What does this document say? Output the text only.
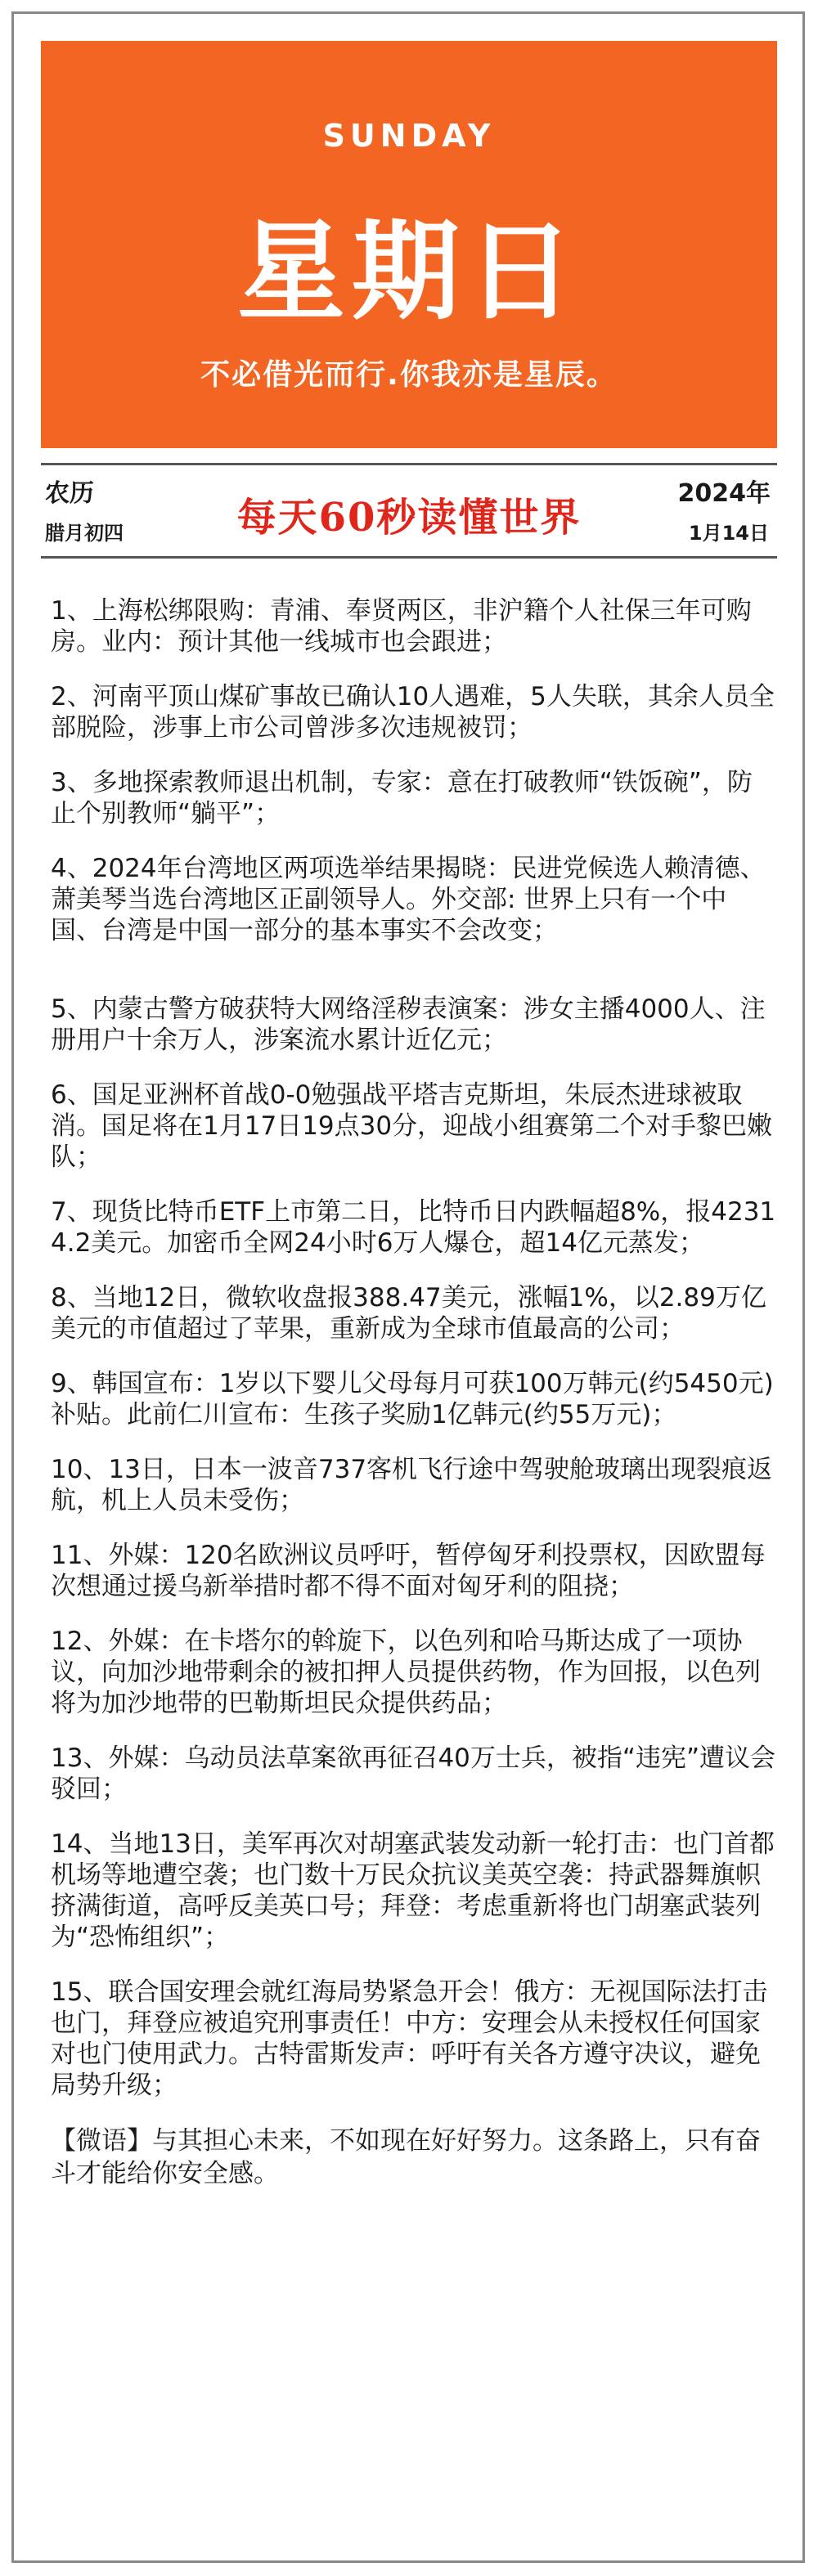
SUNDAY
星期日
不必借光而行.你我亦是星辰。
农历
腊月初四	每天60秒读懂世界
2024年
1月14日

1、上海松绑限购：青浦、奉贤两区，非沪籍个人社保三年可购房。业内：预计其他一线城市也会跟进；

2、河南平顶山煤矿事故已确认10人遇难，5人失联，其余人员全部脱险，涉事上市公司曾涉多次违规被罚；

3、多地探索教师退出机制，专家：意在打破教师“铁饭碗”，防止个别教师“躺平”；

4、2024年台湾地区两项选举结果揭晓：民进党候选人赖清德、萧美琴当选台湾地区正副领导人。外交部: 世界上只有一个中国、台湾是中国一部分的基本事实不会改变；

5、内蒙古警方破获特大网络淫秽表演案：涉女主播4000人、注册用户十余万人，涉案流水累计近亿元；

6、国足亚洲杯首战0-0勉强战平塔吉克斯坦，朱辰杰进球被取消。国足将在1月17日19点30分，迎战小组赛第二个对手黎巴嫩队；

7、现货比特币ETF上市第二日，比特币日内跌幅超8%，报42314.2美元。加密币全网24小时6万人爆仓，超14亿元蒸发；

8、当地12日，微软收盘报388.47美元，涨幅1%，以2.89万亿美元的市值超过了苹果，重新成为全球市值最高的公司；

9、韩国宣布：1岁以下婴儿父母每月可获100万韩元(约5450元)补贴。此前仁川宣布：生孩子奖励1亿韩元(约55万元)；

10、13日，日本一波音737客机飞行途中驾驶舱玻璃出现裂痕返航，机上人员未受伤；

11、外媒：120名欧洲议员呼吁，暂停匈牙利投票权，因欧盟每次想通过援乌新举措时都不得不面对匈牙利的阻挠；

12、外媒：在卡塔尔的斡旋下，以色列和哈马斯达成了一项协议，向加沙地带剩余的被扣押人员提供药物，作为回报，以色列将为加沙地带的巴勒斯坦民众提供药品；

13、外媒：乌动员法草案欲再征召40万士兵，被指“违宪”遭议会驳回；

14、当地13日，美军再次对胡塞武装发动新一轮打击：也门首都机场等地遭空袭；也门数十万民众抗议美英空袭：持武器舞旗帜挤满街道，高呼反美英口号；拜登：考虑重新将也门胡塞武装列为“恐怖组织”；

15、联合国安理会就红海局势紧急开会！俄方：无视国际法打击也门，拜登应被追究刑事责任！中方：安理会从未授权任何国家对也门使用武力。古特雷斯发声：呼吁有关各方遵守决议，避免局势升级；

【微语】与其担心未来，不如现在好好努力。这条路上，只有奋斗才能给你安全感。
